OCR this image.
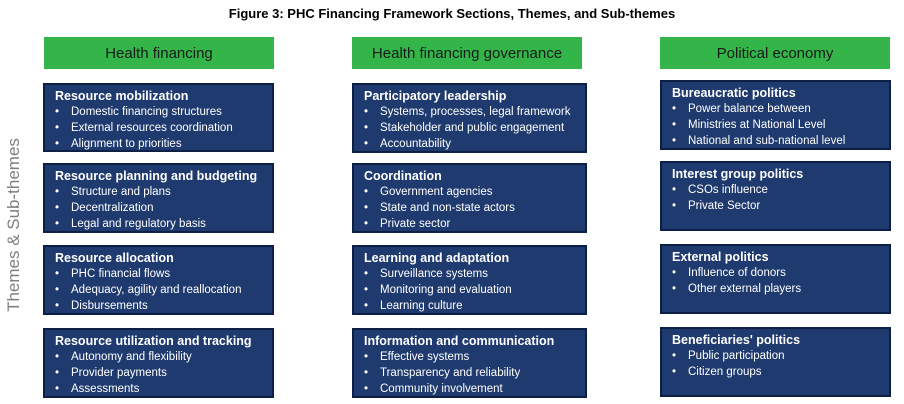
Figure 3: PHC Financing Framework Sections, Themes, and Sub-themes
Themes & Sub-themes
Health financing
Resource mobilization
• Domestic financing structures
• External resources coordination
• Alignment to priorities
Resource planning and budgeting
• Structure and plans
• Decentralization
• Legal and regulatory basis
Resource allocation
• PHC financial flows
• Adequacy, agility and reallocation
• Disbursements
Resource utilization and tracking
• Autonomy and flexibility
• Provider payments
• Assessments
Health financing governance
Participatory leadership
• Systems, processes, legal framework
• Stakeholder and public engagement
• Accountability
Coordination
• Government agencies
• State and non-state actors
• Private sector
Learning and adaptation
• Surveillance systems
• Monitoring and evaluation
• Learning culture
Information and communication
• Effective systems
• Transparency and reliability
• Community involvement
Political economy
Bureaucratic politics
• Power balance between
• Ministries at National Level
• National and sub-national level
Interest group politics
• CSOs influence
• Private Sector
External politics
• Influence of donors
• Other external players
Beneficiaries' politics
• Public participation
• Citizen groups
